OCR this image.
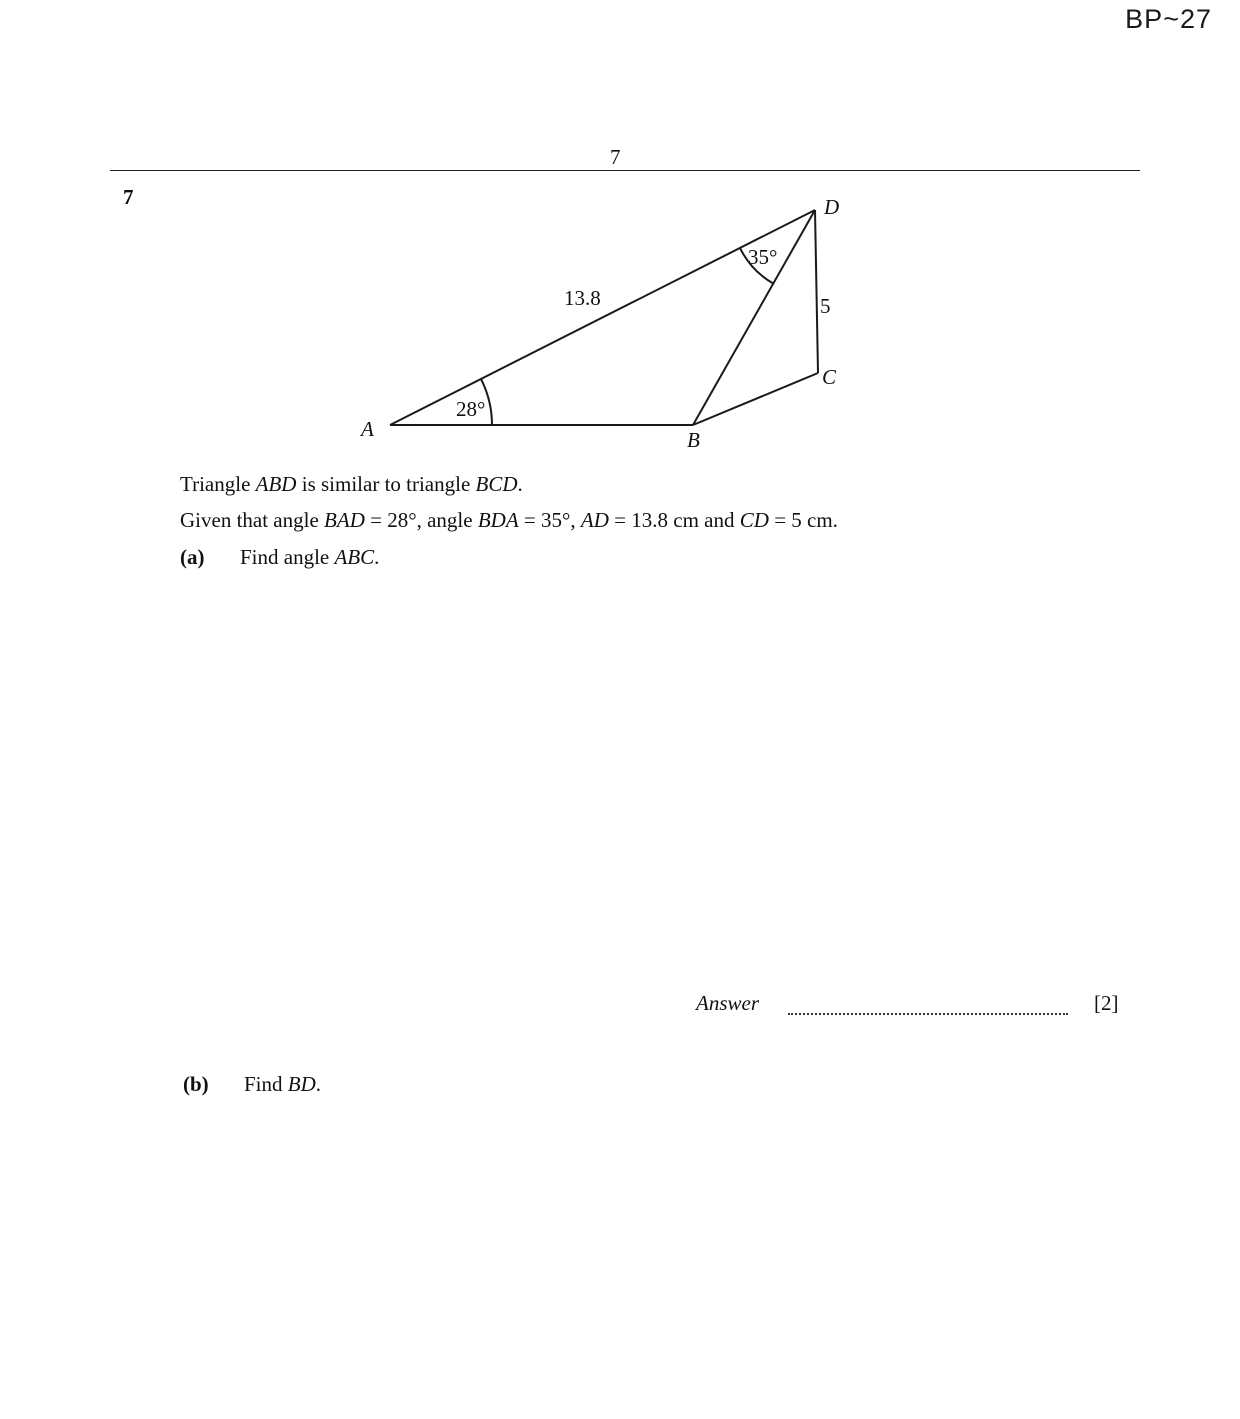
BP~27
7
7
A	B
C
D
13.8	5
28°
35°
Triangle ABD is similar to triangle BCD.
Given that angle BAD = 28°, angle BDA = 35°, AD = 13.8 cm and CD = 5 cm.
(a) Find angle ABC.
Answer	[2]
(b) Find BD.
